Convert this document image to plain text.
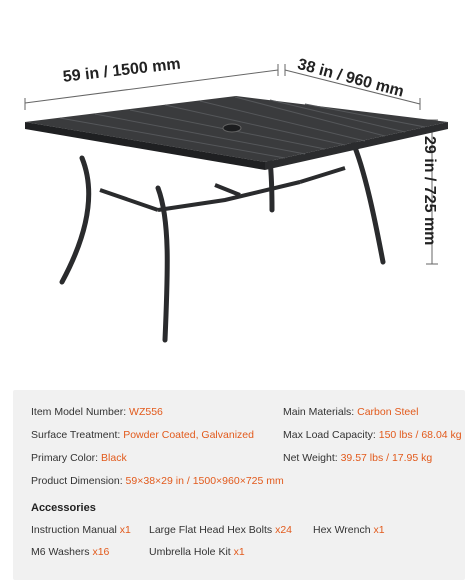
59 in / 1500 mm	38 in / 960 mm
29 in / 725 mm
Item Model Number: WZ556
Surface Treatment: Powder Coated, Galvanized
Primary Color: Black
Product Dimension: 59×38×29 in / 1500×960×725 mm
Main Materials: Carbon Steel
Max Load Capacity: 150 lbs / 68.04 kg
Net Weight: 39.57 lbs / 17.95 kg
Accessories
Instruction Manual x1 Large Flat Head Hex Bolts x24 Hex Wrench x1
M6 Washers x16	Umbrella Hole Kit x1
